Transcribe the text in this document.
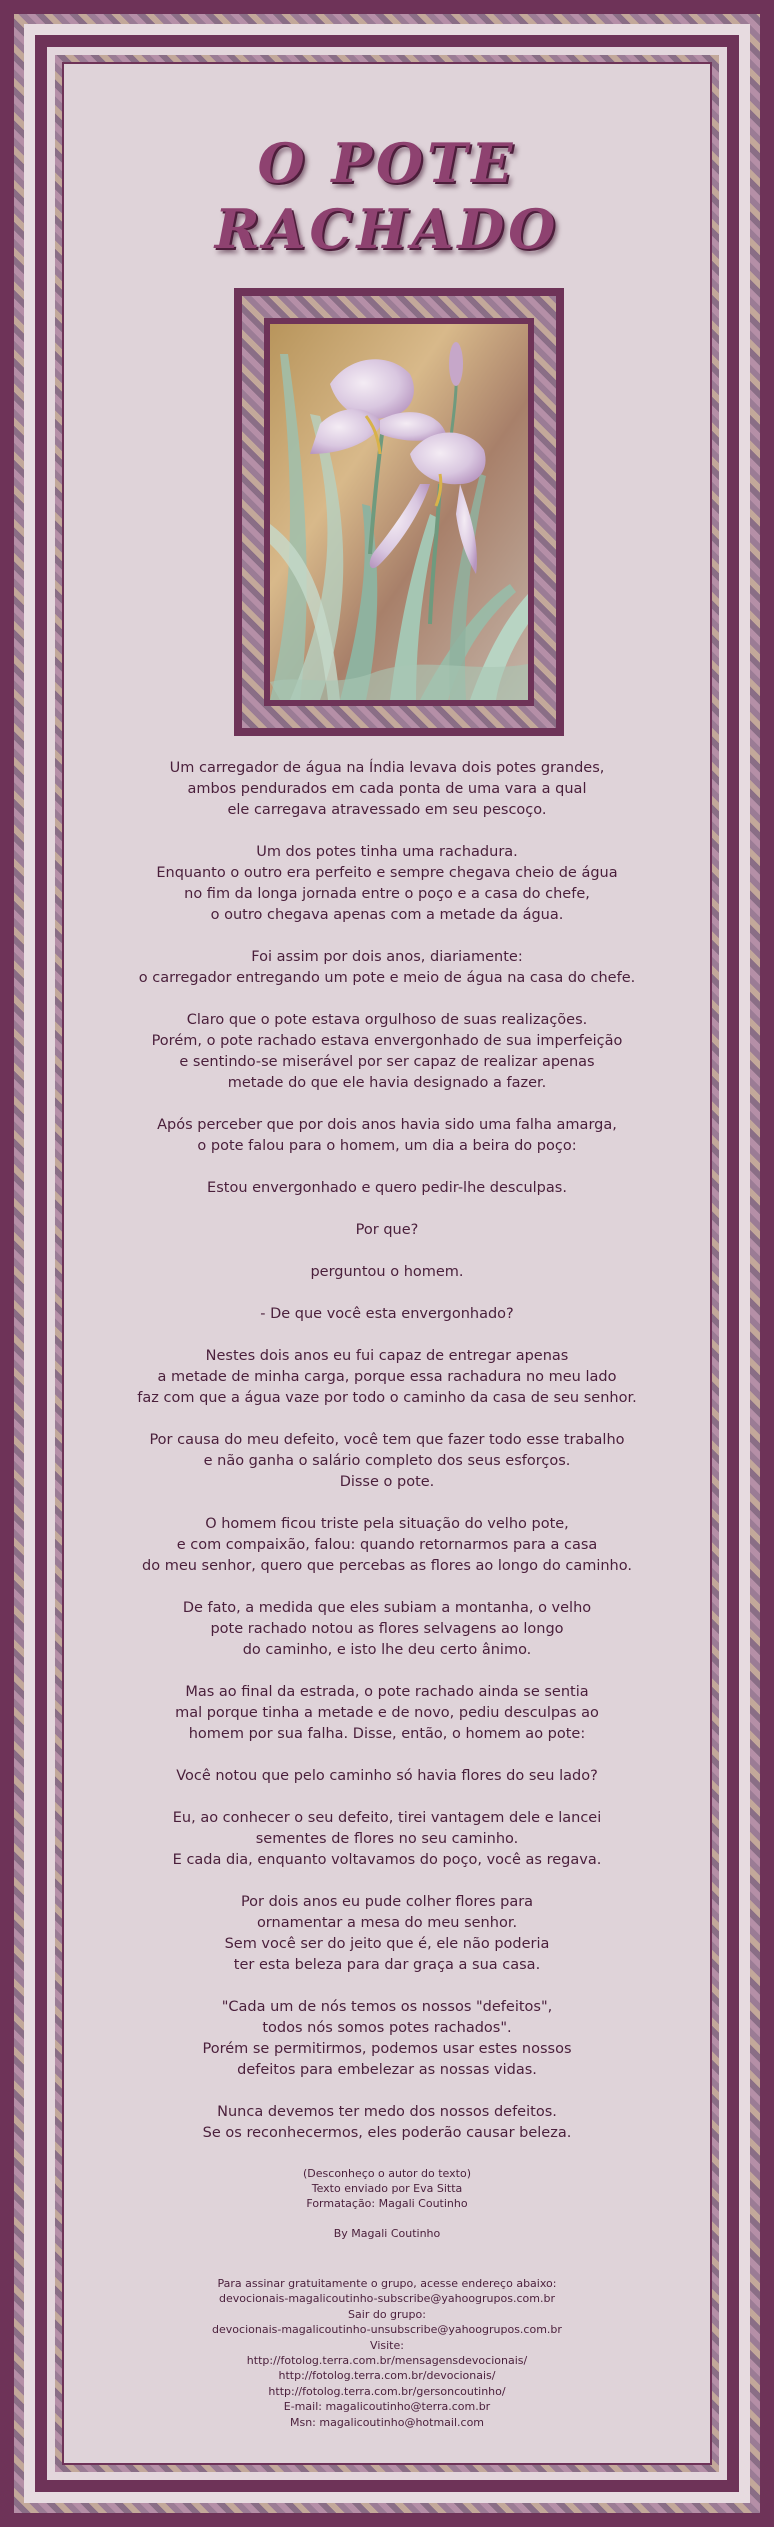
O POTE
RACHADO

Um carregador de água na Índia levava dois potes grandes,
ambos pendurados em cada ponta de uma vara a qual
ele carregava atravessado em seu pescoço.

Um dos potes tinha uma rachadura.
Enquanto o outro era perfeito e sempre chegava cheio de água
no fim da longa jornada entre o poço e a casa do chefe,
o outro chegava apenas com a metade da água.

Foi assim por dois anos, diariamente:
o carregador entregando um pote e meio de água na casa do chefe.

Claro que o pote estava orgulhoso de suas realizações.
Porém, o pote rachado estava envergonhado de sua imperfeição
e sentindo-se miserável por ser capaz de realizar apenas
metade do que ele havia designado a fazer.

Após perceber que por dois anos havia sido uma falha amarga,
o pote falou para o homem, um dia a beira do poço:

Estou envergonhado e quero pedir-lhe desculpas.

Por que?

perguntou o homem.

- De que você esta envergonhado?

Nestes dois anos eu fui capaz de entregar apenas
a metade de minha carga, porque essa rachadura no meu lado
faz com que a água vaze por todo o caminho da casa de seu senhor.

Por causa do meu defeito, você tem que fazer todo esse trabalho
e não ganha o salário completo dos seus esforços.
Disse o pote.

O homem ficou triste pela situação do velho pote,
e com compaixão, falou: quando retornarmos para a casa
do meu senhor, quero que percebas as flores ao longo do caminho.

De fato, a medida que eles subiam a montanha, o velho
pote rachado notou as flores selvagens ao longo
do caminho, e isto lhe deu certo ânimo.

Mas ao final da estrada, o pote rachado ainda se sentia
mal porque tinha a metade e de novo, pediu desculpas ao
homem por sua falha. Disse, então, o homem ao pote:

Você notou que pelo caminho só havia flores do seu lado?

Eu, ao conhecer o seu defeito, tirei vantagem dele e lancei
sementes de flores no seu caminho.
E cada dia, enquanto voltavamos do poço, você as regava.

Por dois anos eu pude colher flores para
ornamentar a mesa do meu senhor.
Sem você ser do jeito que é, ele não poderia
ter esta beleza para dar graça a sua casa.

"Cada um de nós temos os nossos "defeitos",
todos nós somos potes rachados".
Porém se permitirmos, podemos usar estes nossos
defeitos para embelezar as nossas vidas.

Nunca devemos ter medo dos nossos defeitos.
Se os reconhecermos, eles poderão causar beleza.

(Desconheço o autor do texto)
Texto enviado por Eva Sitta
Formatação: Magali Coutinho

By Magali Coutinho

Para assinar gratuitamente o grupo, acesse endereço abaixo:
devocionais-magalicoutinho-subscribe@yahoogrupos.com.br
Sair do grupo:
devocionais-magalicoutinho-unsubscribe@yahoogrupos.com.br
Visite:
http://fotolog.terra.com.br/mensagensdevocionais/
http://fotolog.terra.com.br/devocionais/
http://fotolog.terra.com.br/gersoncoutinho/
E-mail: magalicoutinho@terra.com.br
Msn: magalicoutinho@hotmail.com
